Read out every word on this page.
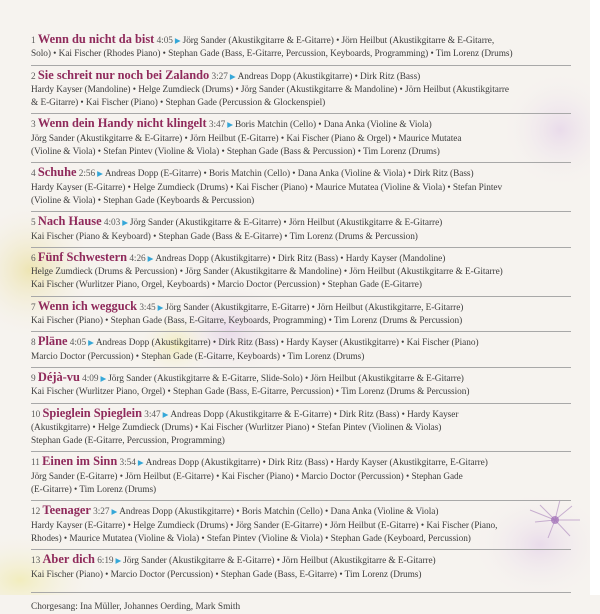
1 Wenn du nicht da bist 4:05 ▶ Jörg Sander (Akustikgitarre & E-Gitarre) • Jörn Heilbut (Akustikgitarre & E-Gitarre,
Solo) • Kai Fischer (Rhodes Piano) • Stephan Gade (Bass, E-Gitarre, Percussion, Keyboards, Programming) • Tim Lorenz (Drums)
2 Sie schreit nur noch bei Zalando 3:27 ▶ Andreas Dopp (Akustikgitarre) • Dirk Ritz (Bass)
Hardy Kayser (Mandoline) • Helge Zumdieck (Drums) • Jörg Sander (Akustikgitarre & Mandoline) • Jörn Heilbut (Akustikgitarre
& E-Gitarre) • Kai Fischer (Piano) • Stephan Gade (Percussion & Glockenspiel)
3 Wenn dein Handy nicht klingelt 3:47 ▶ Boris Matchin (Cello) • Dana Anka (Violine & Viola)
Jörg Sander (Akustikgitarre & E-Gitarre) • Jörn Heilbut (E-Gitarre) • Kai Fischer (Piano & Orgel) • Maurice Mutatea
(Violine & Viola) • Stefan Pintev (Violine & Viola) • Stephan Gade (Bass & Percussion) • Tim Lorenz (Drums)
4 Schuhe 2:56 ▶ Andreas Dopp (E-Gitarre) • Boris Matchin (Cello) • Dana Anka (Violine & Viola) • Dirk Ritz (Bass)
Hardy Kayser (E-Gitarre) • Helge Zumdieck (Drums) • Kai Fischer (Piano) • Maurice Mutatea (Violine & Viola) • Stefan Pintev
(Violine & Viola) • Stephan Gade (Keyboards & Percussion)
5 Nach Hause 4:03 ▶ Jörg Sander (Akustikgitarre & E-Gitarre) • Jörn Heilbut (Akustikgitarre & E-Gitarre)
Kai Fischer (Piano & Keyboard) • Stephan Gade (Bass & E-Gitarre) • Tim Lorenz (Drums & Percussion)
6 Fünf Schwestern 4:26 ▶ Andreas Dopp (Akustikgitarre) • Dirk Ritz (Bass) • Hardy Kayser (Mandoline)
Helge Zumdieck (Drums & Percussion) • Jörg Sander (Akustikgitarre & Mandoline) • Jörn Heilbut (Akustikgitarre & E-Gitarre)
Kai Fischer (Wurlitzer Piano, Orgel, Keyboards) • Marcio Doctor (Percussion) • Stephan Gade (E-Gitarre)
7 Wenn ich wegguck 3:45 ▶ Jörg Sander (Akustikgitarre, E-Gitarre) • Jörn Heilbut (Akustikgitarre, E-Gitarre)
Kai Fischer (Piano) • Stephan Gade (Bass, E-Gitarre, Keyboards, Programming) • Tim Lorenz (Drums & Percussion)
8 Pläne 4:05 ▶ Andreas Dopp (Akustikgitarre) • Dirk Ritz (Bass) • Hardy Kayser (Akustikgitarre) • Kai Fischer (Piano)
Marcio Doctor (Percussion) • Stephan Gade (E-Gitarre, Keyboards) • Tim Lorenz (Drums)
9 Déjà-vu 4:09 ▶ Jörg Sander (Akustikgitarre & E-Gitarre, Slide-Solo) • Jörn Heilbut (Akustikgitarre & E-Gitarre)
Kai Fischer (Wurlitzer Piano, Orgel) • Stephan Gade (Bass, E-Gitarre, Percussion) • Tim Lorenz (Drums & Percussion)
10 Spieglein Spieglein 3:47 ▶ Andreas Dopp (Akustikgitarre & E-Gitarre) • Dirk Ritz (Bass) • Hardy Kayser
(Akustikgitarre) • Helge Zumdieck (Drums) • Kai Fischer (Wurlitzer Piano) • Stefan Pintev (Violinen & Violas)
Stephan Gade (E-Gitarre, Percussion, Programming)
11 Einen im Sinn 3:54 ▶ Andreas Dopp (Akustikgitarre) • Dirk Ritz (Bass) • Hardy Kayser (Akustikgitarre, E-Gitarre)
Jörg Sander (E-Gitarre) • Jörn Heilbut (E-Gitarre) • Kai Fischer (Piano) • Marcio Doctor (Percussion) • Stephan Gade
(E-Gitarre) • Tim Lorenz (Drums)
12 Teenager 3:27 ▶ Andreas Dopp (Akustikgitarre) • Boris Matchin (Cello) • Dana Anka (Violine & Viola)
Hardy Kayser (E-Gitarre) • Helge Zumdieck (Drums) • Jörg Sander (E-Gitarre) • Jörn Heilbut (E-Gitarre) • Kai Fischer (Piano,
Rhodes) • Maurice Mutatea (Violine & Viola) • Stefan Pintev (Violine & Viola) • Stephan Gade (Keyboard, Percussion)
13 Aber dich 6:19 ▶ Jörg Sander (Akustikgitarre & E-Gitarre) • Jörn Heilbut (Akustikgitarre & E-Gitarre)
Kai Fischer (Piano) • Marcio Doctor (Percussion) • Stephan Gade (Bass, E-Gitarre) • Tim Lorenz (Drums)
Chorgesang: Ina Müller, Johannes Oerding, Mark Smith
